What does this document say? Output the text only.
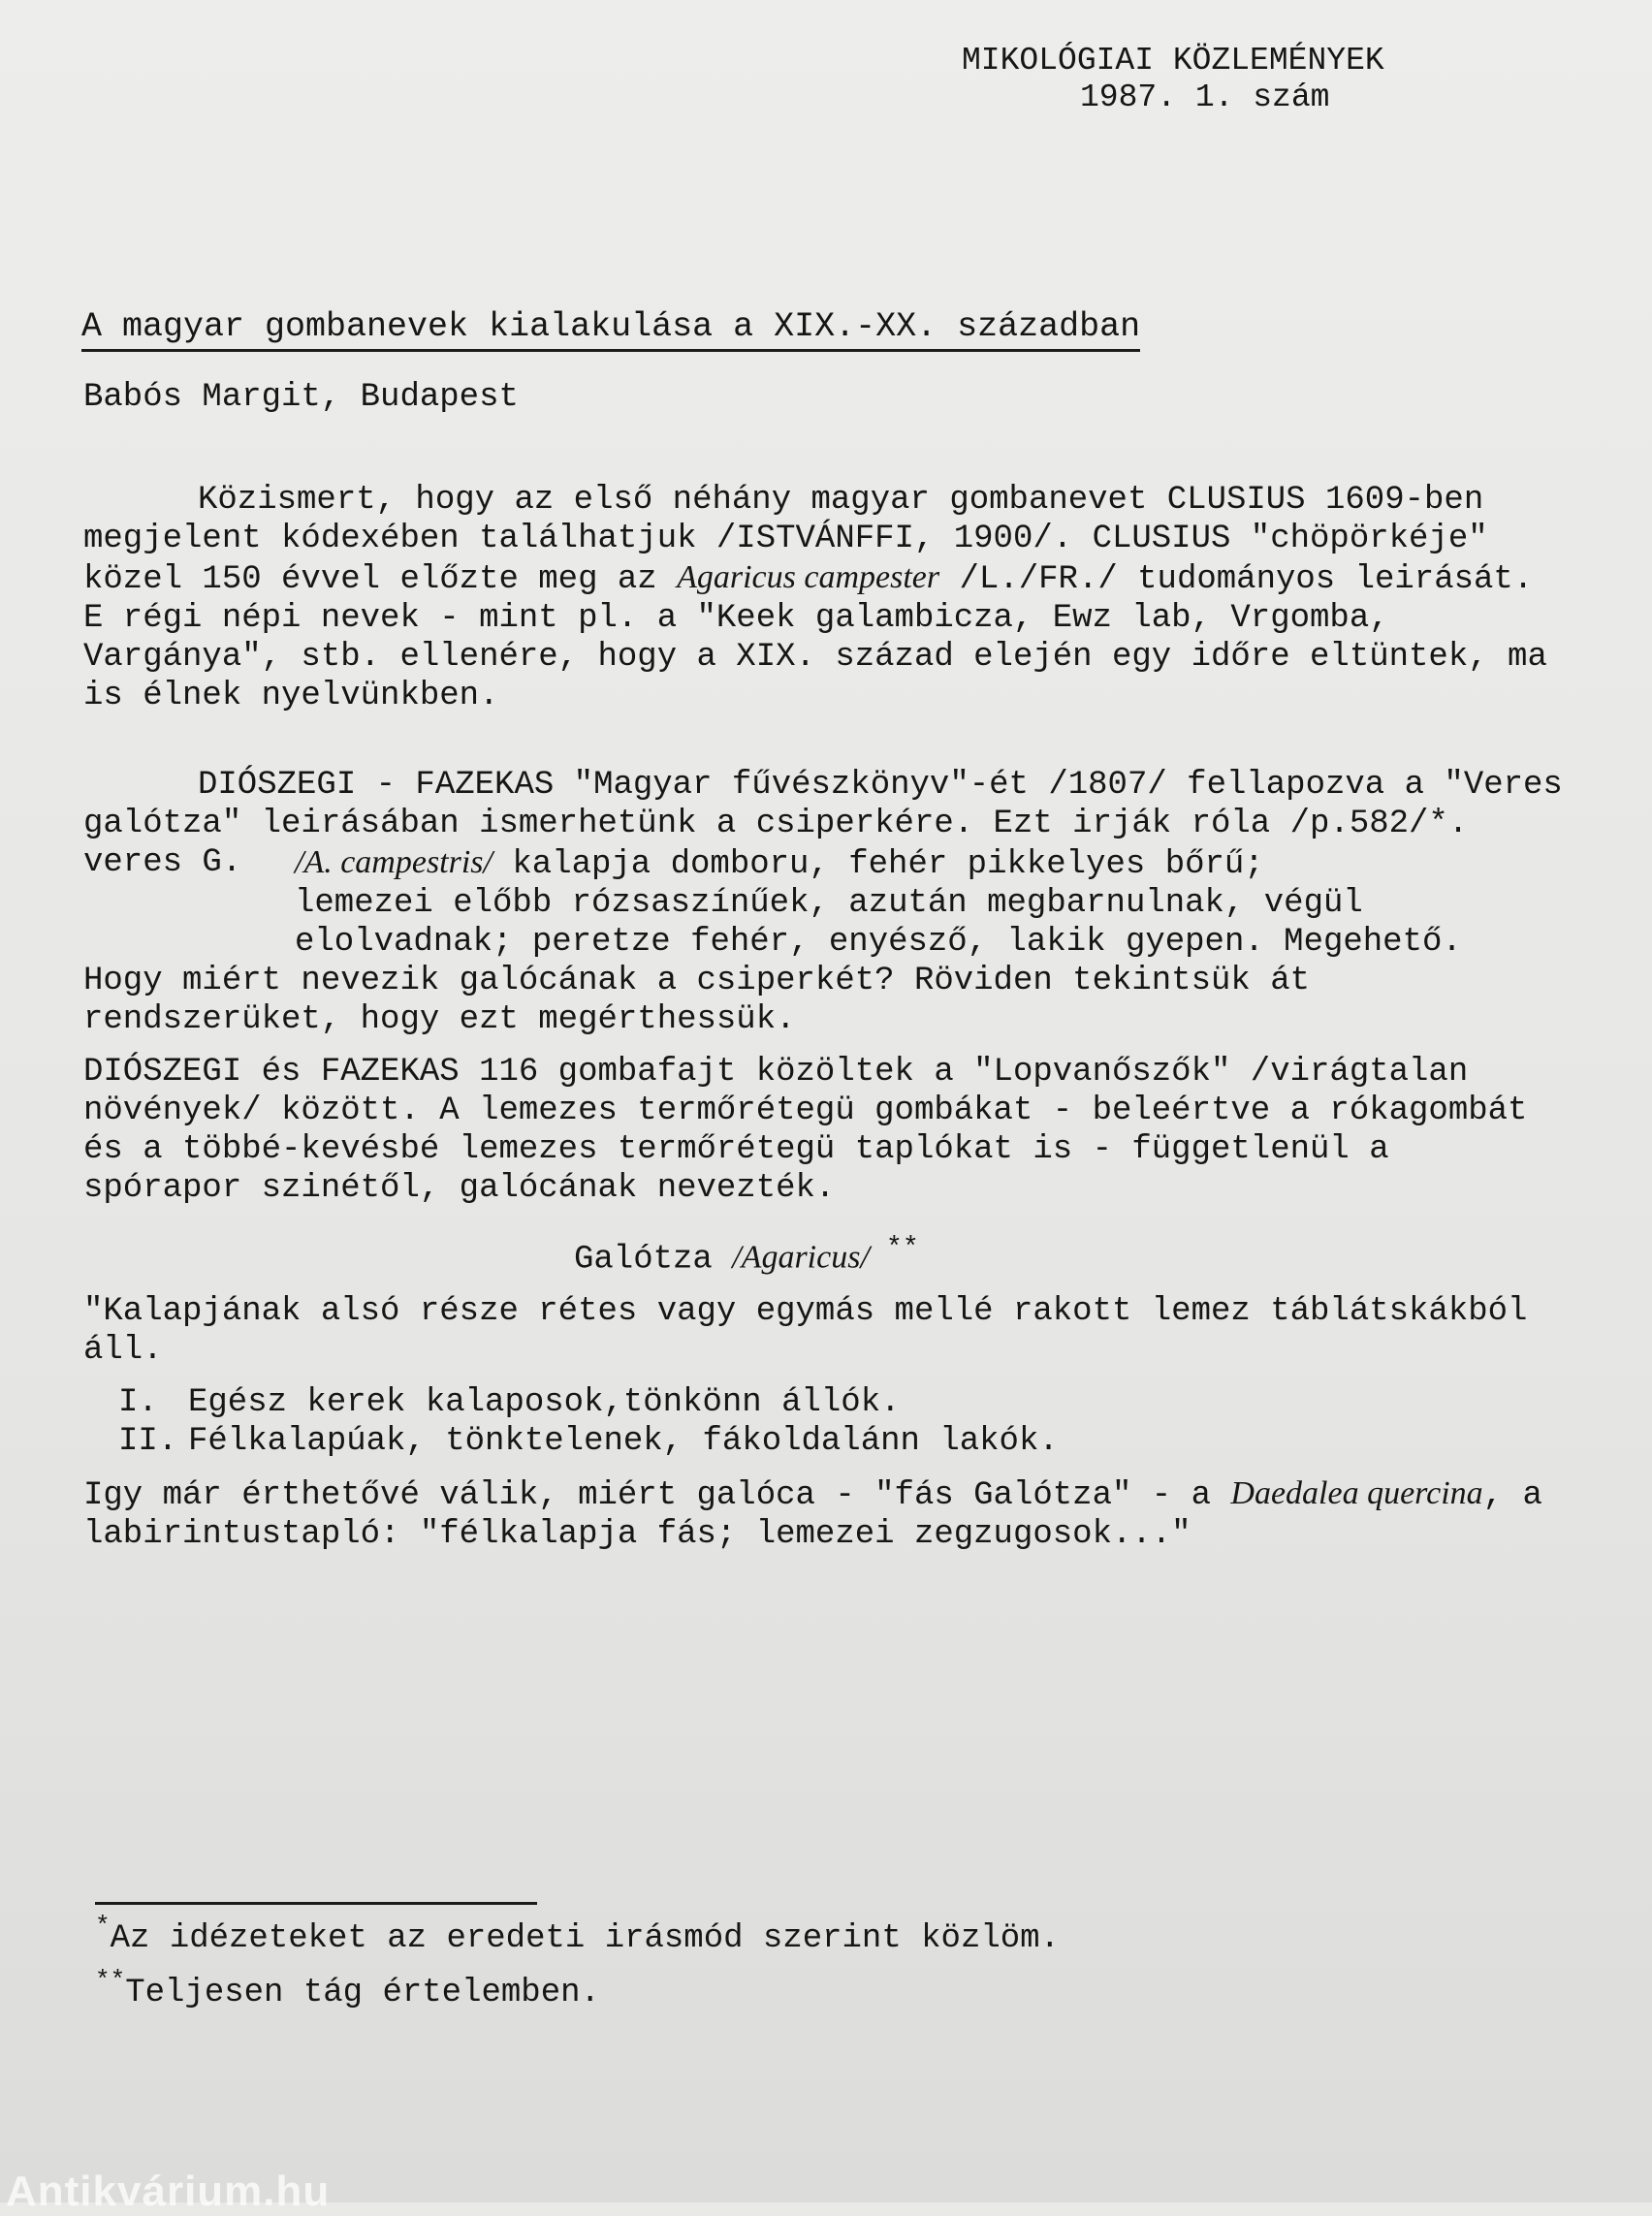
MIKOLÓGIAI KÖZLEMÉNYEK
1987. 1. szám
A magyar gombanevek kialakulása a XIX.-XX. században
Babós Margit, Budapest

Közismert, hogy az első néhány magyar gombanevet CLUSIUS 1609-ben megjelent kódexében találhatjuk /ISTVÁNFFI, 1900/. CLUSIUS "chöpörkéje" közel 150 évvel előzte meg az Agaricus campester /L./FR./ tudományos leirását. E régi népi nevek - mint pl. a "Keek galambicza, Ewz lab, Vrgomba, Vargánya", stb. ellenére, hogy a XIX. század elején egy időre eltüntek, ma is élnek nyelvünkben.

DIÓSZEGI - FAZEKAS "Magyar fűvészkönyv"-ét /1807/ fellapozva a "Veres galótza" leirásában ismerhetünk a csiperkére. Ezt irják róla /p.582/*.

veres G.	/A. campestris/ kalapja domboru, fehér pikkelyes bőrű;
lemezei előbb rózsaszínűek, azután megbarnulnak, végül elolvadnak; peretze fehér, enyésző, lakik gyepen. Megehető.

Hogy miért nevezik galócának a csiperkét? Röviden tekintsük át rendszerüket, hogy ezt megérthessük.

DIÓSZEGI és FAZEKAS 116 gombafajt közöltek a "Lopvanőszők" /virágtalan növények/ között. A lemezes termőrétegü gombákat - beleértve a rókagombát és a többé-kevésbé lemezes termőrétegü taplókat is - függetlenül a spórapor szinétől, galócának nevezték.

Galótza /Agaricus/ **

"Kalapjának alsó része rétes vagy egymás mellé rakott lemez táblátskákból áll.

I. Egész kerek kalaposok,tönkönn állók.

II. Félkalapúak, tönktelenek, fákoldalánn lakók.

Igy már érthetővé válik, miért galóca - "fás Galótza" - a Daedalea quercina, a labirintustapló: "félkalapja fás; lemezei zegzugosok..."

*Az idézeteket az eredeti irásmód szerint közlöm.
**Teljesen tág értelemben.
Antikvárium.hu
